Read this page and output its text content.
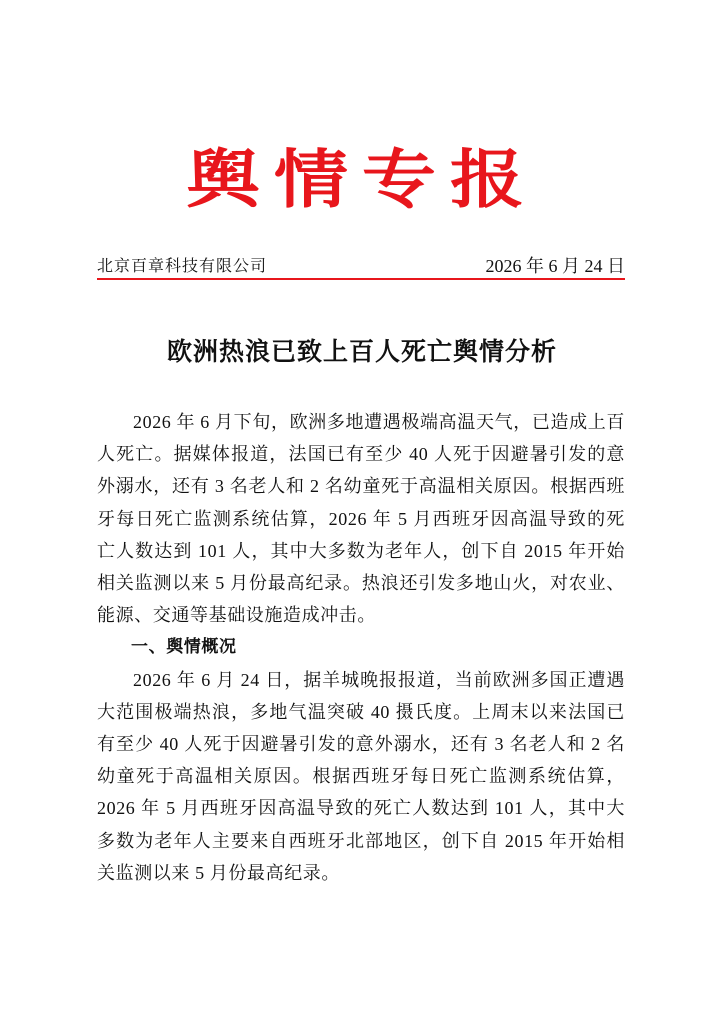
舆情专报
北京百章科技有限公司	2026 年 6 月 24 日
欧洲热浪已致上百人死亡舆情分析

2026 年 6 月下旬，欧洲多地遭遇极端高温天气，已造成上百人死亡。据媒体报道，法国已有至少 40 人死于因避暑引发的意外溺水，还有 3 名老人和 2 名幼童死于高温相关原因。根据西班牙每日死亡监测系统估算，2026 年 5 月西班牙因高温导致的死亡人数达到 101 人，其中大多数为老年人，创下自 2015 年开始相关监测以来 5 月份最高纪录。热浪还引发多地山火，对农业、能源、交通等基础设施造成冲击。

一、舆情概况

2026 年 6 月 24 日，据羊城晚报报道，当前欧洲多国正遭遇大范围极端热浪，多地气温突破 40 摄氏度。上周末以来法国已有至少 40 人死于因避暑引发的意外溺水，还有 3 名老人和 2 名幼童死于高温相关原因。根据西班牙每日死亡监测系统估算，2026 年 5 月西班牙因高温导致的死亡人数达到 101 人，其中大多数为老年人主要来自西班牙北部地区，创下自 2015 年开始相关监测以来 5 月份最高纪录。
